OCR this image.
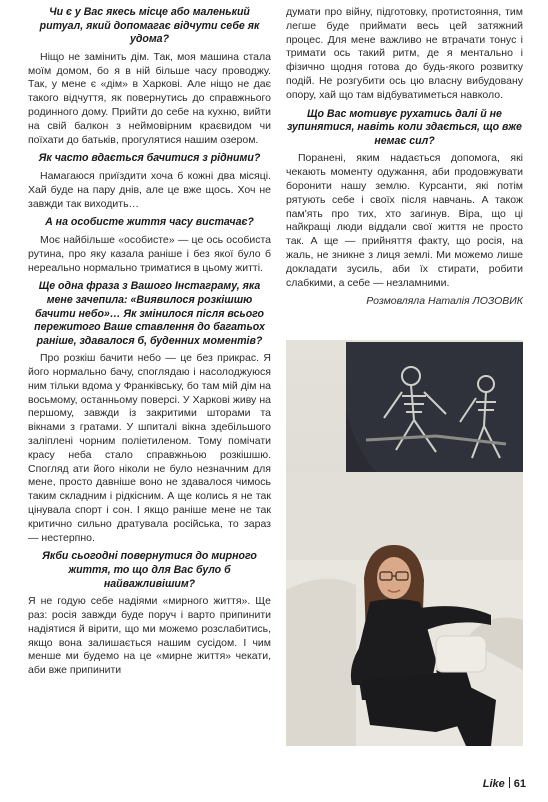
Чи є у Вас якесь місце або маленький ритуал, який допомагає відчути себе як удома?
Ніщо не замінить дім. Так, моя машина стала моїм домом, бо я в ній більше часу проводжу. Так, у мене є «дім» в Харкові. Але ніщо не дає такого відчуття, як повернутись до справжнього родинного дому. Прийти до себе на кухню, вийти на свій балкон з неймовірним краєвидом чи поїхати до батьків, прогулятися нашим озером.
Як часто вдається бачитися з рідними?
Намагаюся приїздити хоча б кожні два місяці. Хай буде на пару днів, але це вже щось. Хоч не завжди так виходить…
А на особисте життя часу вистачає?
Моє найбільше «особисте» — це ось особиста рутина, про яку казала раніше і без якої було б нереально нормально триматися в цьому житті.
Ще одна фраза з Вашого Інстаграму, яка мене зачепила: «Виявилося розкішшю бачити небо»… Як змінилося після всього пережитого Ваше ставлення до багатьох раніше, здавалося б, буденних моментів?
Про розкіш бачити небо — це без прикрас. Я його нормально бачу, споглядаю і насолоджуюся ним тільки вдома у Франківську, бо там мій дім на восьмому, останньому поверсі. У Харкові живу на першому, завжди із закритими шторами та вікнами з гратами. У шпиталі вікна здебільшого заліплені чорним поліетиленом. Тому помічати красу неба стало справжньою розкішшю. Спогляд ати його ніколи не було незначним для мене, просто давніше воно не здавалося чимось таким складним і рідкісним. А ще колись я не так цінувала спорт і сон. І якщо раніше мене не так критично сильно дратувала російська, то зараз — нестерпно.
Якби сьогодні повернутися до мирного життя, то що для Вас було б найважливішим?
Я не годую себе надіями «мирного життя». Ще раз: росія завжди буде поруч і варто припинити надіятися й вірити, що ми можемо розслабитись, якщо вона залишається нашим сусідом. І чим менше ми будемо на це «мирне життя» чекати, аби вже припинити
думати про війну, підготовку, протистояння, тим легше буде приймати весь цей затяжний процес. Для мене важливо не втрачати тонус і тримати ось такий ритм, де я ментально і фізично щодня готова до будь-якого розвитку подій. Не розгубити ось цю власну вибудовану опору, хай що там відбуватиметься навколо.
Що Вас мотивує рухатись далі й не зупинятися, навіть коли здається, що вже немає сил?
Поранені, яким надається допомога, які чекають моменту одужання, аби продовжувати боронити нашу землю. Курсанти, які потім рятують себе і своїх після навчань. А також пам'ять про тих, хто загинув. Віра, що ці найкращі люди віддали свої життя не просто так. А ще — прийняття факту, що росія, на жаль, не зникне з лиця землі. Ми можемо лише докладати зусиль, аби їх стирати, робити слабкими, а себе — незламними.
Розмовляла Наталія ЛОЗОВИК
Like 61
